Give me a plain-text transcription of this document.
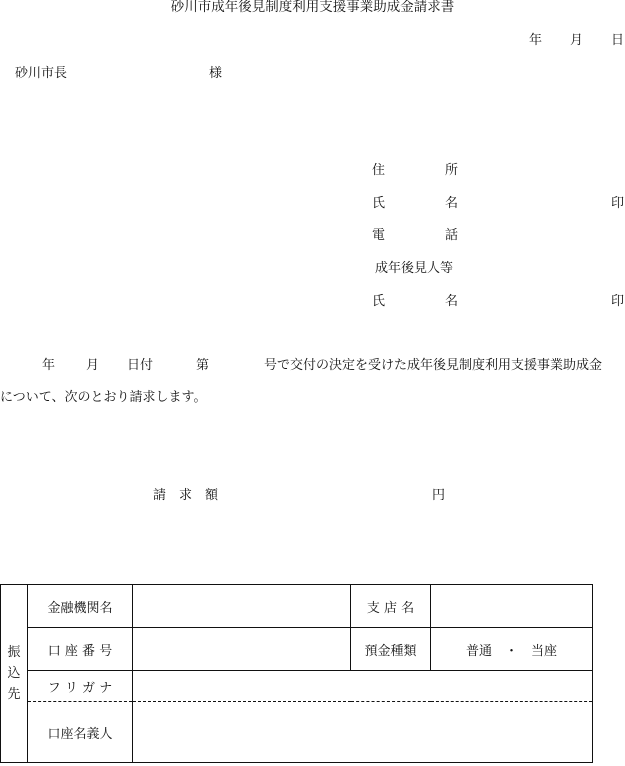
砂川市成年後見制度利用支援事業助成金請求書
年 月 日
砂川市長	様
住	所
氏	名	印
電	話
成年後見人等
氏	名	印
年 月 日付	第	号で交付の決定を受けた成年後見制度利用支援事業助成金
について、次のとおり請求します。
請　求　額	円
振
込
先	金融機関名		支 店 名	
	口 座 番 号		預金種類	普通　・　当座
	フ リ ガ ナ			
	口座名義人			
